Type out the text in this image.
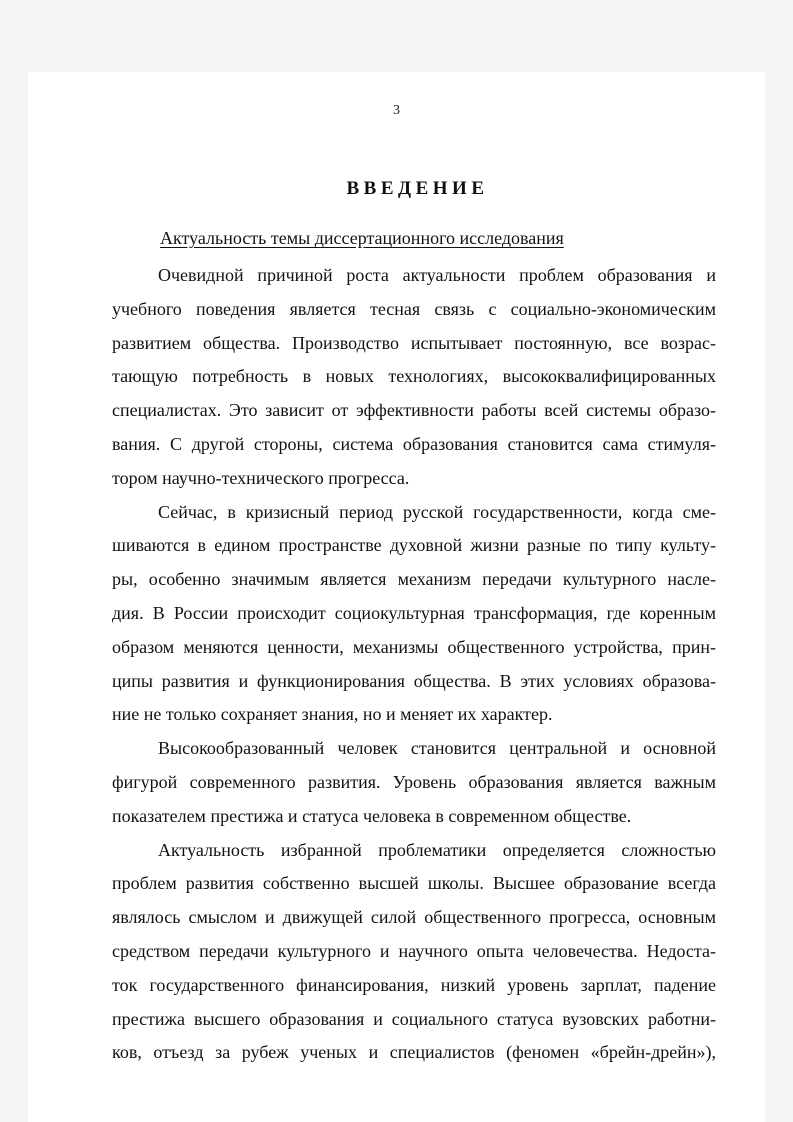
3
ВВЕДЕНИЕ
Актуальность темы диссертационного исследования
Очевидной причиной роста актуальности проблем образования и
учебного поведения является тесная связь с социально-экономическим
развитием общества. Производство испытывает постоянную, все возрас-
тающую потребность в новых технологиях, высококвалифицированных
специалистах. Это зависит от эффективности работы всей системы образо-
вания. С другой стороны, система образования становится сама стимуля-
тором научно-технического прогресса.
Сейчас, в кризисный период русской государственности, когда сме-
шиваются в едином пространстве духовной жизни разные по типу культу-
ры, особенно значимым является механизм передачи культурного насле-
дия. В России происходит социокультурная трансформация, где коренным
образом меняются ценности, механизмы общественного устройства, прин-
ципы развития и функционирования общества. В этих условиях образова-
ние не только сохраняет знания, но и меняет их характер.
Высокообразованный человек становится центральной и основной
фигурой современного развития. Уровень образования является важным
показателем престижа и статуса человека в современном обществе.
Актуальность избранной проблематики определяется сложностью
проблем развития собственно высшей школы. Высшее образование всегда
являлось смыслом и движущей силой общественного прогресса, основным
средством передачи культурного и научного опыта человечества. Недоста-
ток государственного финансирования, низкий уровень зарплат, падение
престижа высшего образования и социального статуса вузовских работни-
ков, отъезд за рубеж ученых и специалистов (феномен «брейн-дрейн»),
